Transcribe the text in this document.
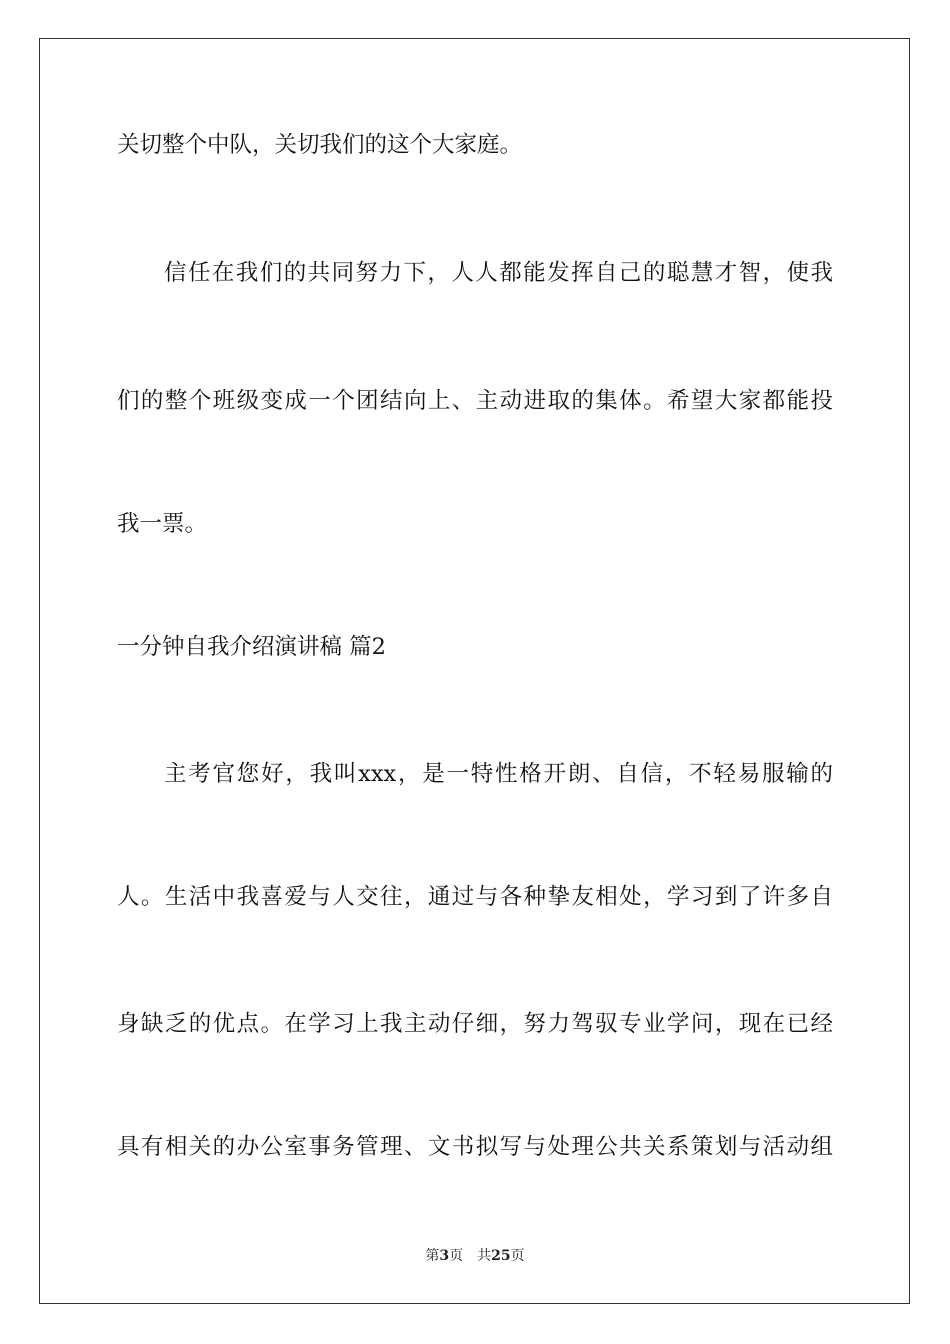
关切整个中队，关切我们的这个大家庭。
信任在我们的共同努力下，人人都能发挥自己的聪慧才智，使我
们的整个班级变成一个团结向上、主动进取的集体。希望大家都能投
我一票。
一分钟自我介绍演讲稿 篇2
主考官您好，我叫xxx，是一特性格开朗、自信，不轻易服输的
人。生活中我喜爱与人交往，通过与各种挚友相处，学习到了许多自
身缺乏的优点。在学习上我主动仔细，努力驾驭专业学问，现在已经
具有相关的办公室事务管理、文书拟写与处理公共关系策划与活动组
第3页 共25页
